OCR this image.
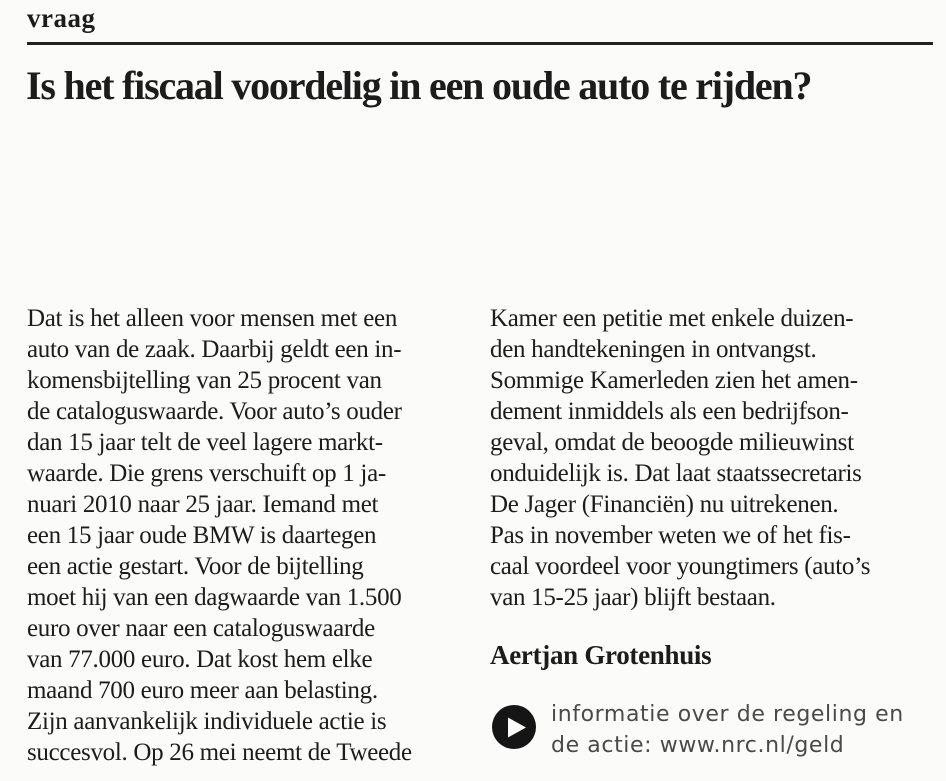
vraag
Is het fiscaal voordelig in een oude auto te rijden?
Dat is het alleen voor mensen met een
auto van de zaak. Daarbij geldt een in-
komensbijtelling van 25 procent van
de cataloguswaarde. Voor auto’s ouder
dan 15 jaar telt de veel lagere markt-
waarde. Die grens verschuift op 1 ja-
nuari 2010 naar 25 jaar. Iemand met
een 15 jaar oude BMW is daartegen
een actie gestart. Voor de bijtelling
moet hij van een dagwaarde van 1.500
euro over naar een cataloguswaarde
van 77.000 euro. Dat kost hem elke
maand 700 euro meer aan belasting.
Zijn aanvankelijk individuele actie is
succesvol. Op 26 mei neemt de Tweede
Kamer een petitie met enkele duizen-
den handtekeningen in ontvangst.
Sommige Kamerleden zien het amen-
dement inmiddels als een bedrijfson-
geval, omdat de beoogde milieuwinst
onduidelijk is. Dat laat staatssecretaris
De Jager (Financiën) nu uitrekenen.
Pas in november weten we of het fis-
caal voordeel voor youngtimers (auto’s
van 15-25 jaar) blijft bestaan.
Aertjan Grotenhuis
informatie over de regeling en
de actie: www.nrc.nl/geld
